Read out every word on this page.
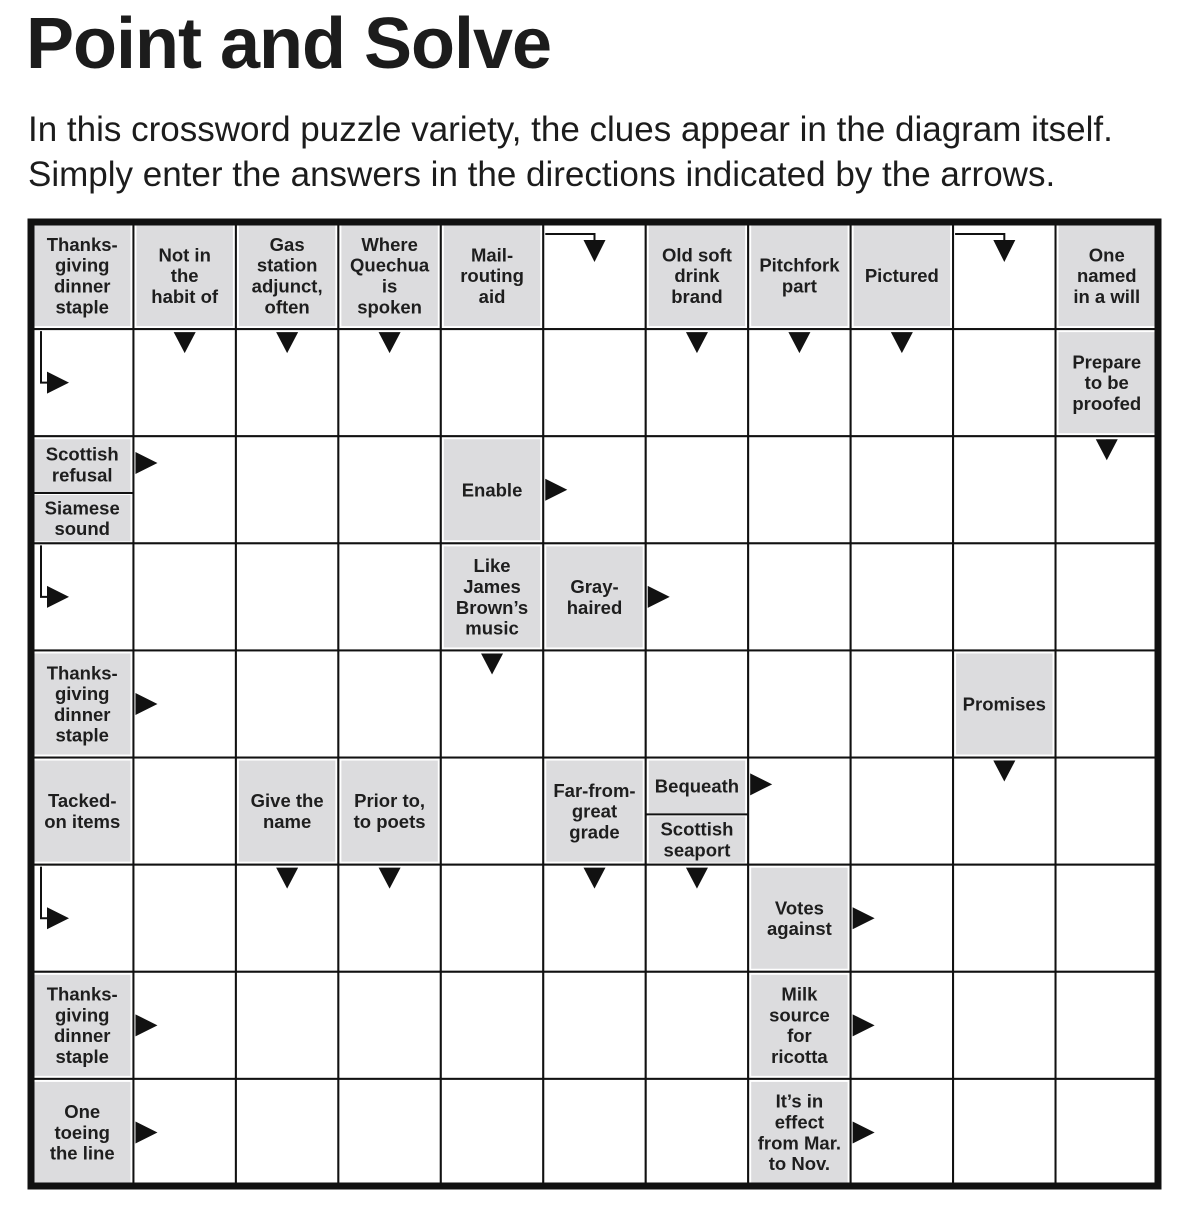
Point and Solve

In this crossword puzzle variety, the clues appear in the diagram itself.

Simply enter the answers in the directions indicated by the arrows.

Thanks-
giving
dinner
staple
Not in
the
habit of
Gas
station
adjunct,
often
Where
Quechua
is
spoken
Mail-
routing
aid
Old soft
drink
brand
Pitchfork
part	Pictured
One
named
in a will
Prepare
to be
proofed
Scottish
refusal
Siamese
sound
Enable
Like
James
Brown’s
music
Gray-
haired
Thanks-
giving
dinner
staple
Promises
Tacked-
on items
Give the
name
Prior to,
to poets
Far-from-
great
grade
Bequeath
Scottish
seaport
Votes
against
Thanks-
giving
dinner
staple
Milk
source
for
ricotta
One
toeing
the line
It’s in
effect
from Mar.
to Nov.
